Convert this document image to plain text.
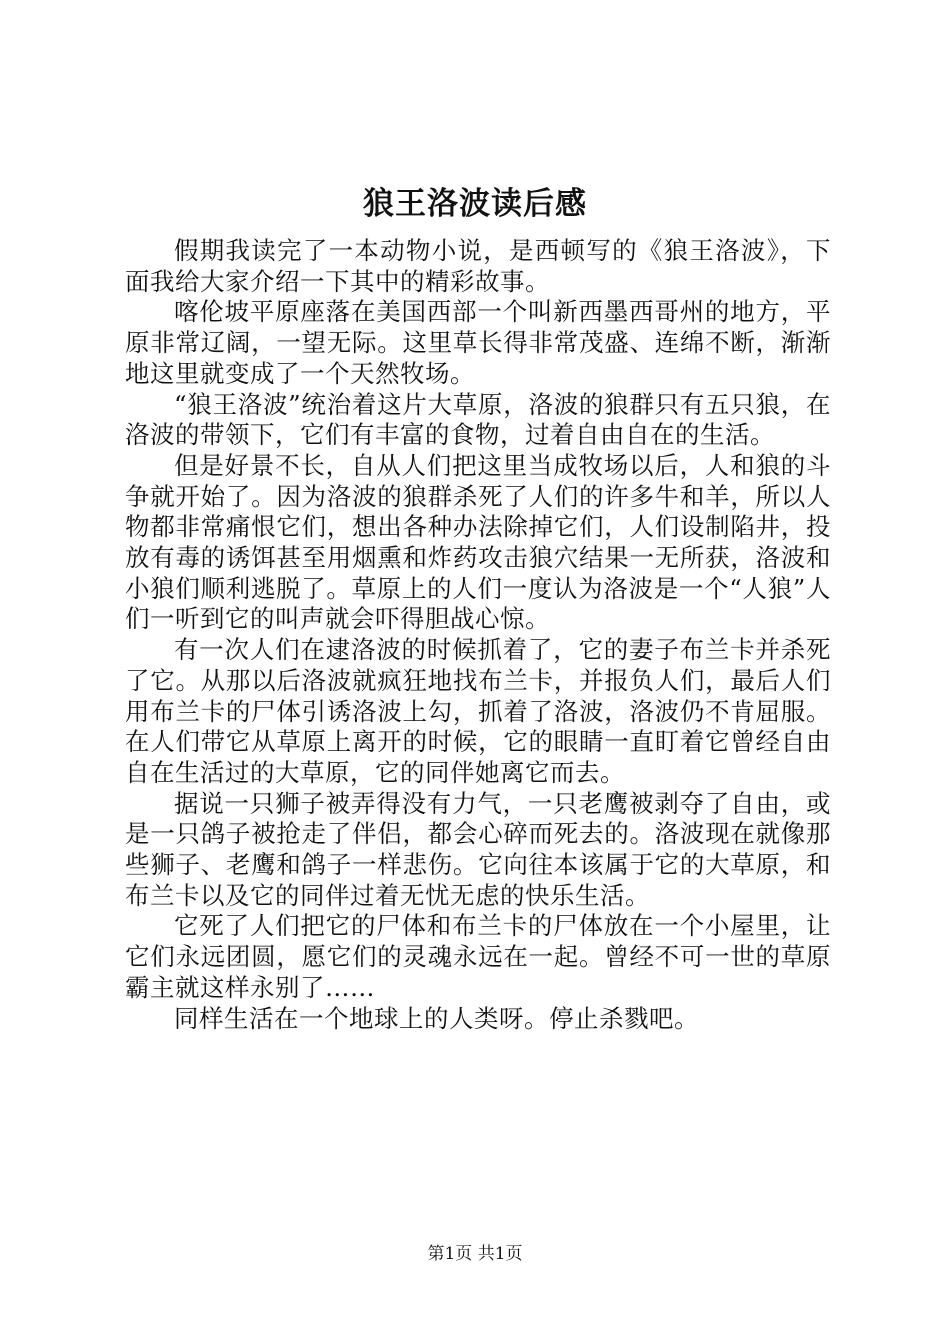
狼王洛波读后感

假期我读完了一本动物小说，是西顿写的《狼王洛波》，下面我给大家介绍一下其中的精彩故事。

喀伦坡平原座落在美国西部一个叫新西墨西哥州的地方，平原非常辽阔，一望无际。这里草长得非常茂盛、连绵不断，渐渐地这里就变成了一个天然牧场。

“狼王洛波”统治着这片大草原，洛波的狼群只有五只狼，在洛波的带领下，它们有丰富的食物，过着自由自在的生活。

但是好景不长，自从人们把这里当成牧场以后，人和狼的斗争就开始了。因为洛波的狼群杀死了人们的许多牛和羊，所以人物都非常痛恨它们，想出各种办法除掉它们，人们设制陷井，投放有毒的诱饵甚至用烟熏和炸药攻击狼穴结果一无所获，洛波和小狼们顺利逃脱了。草原上的人们一度认为洛波是一个“人狼”人们一听到它的叫声就会吓得胆战心惊。

有一次人们在逮洛波的时候抓着了，它的妻子布兰卡并杀死了它。从那以后洛波就疯狂地找布兰卡，并报负人们，最后人们用布兰卡的尸体引诱洛波上勾，抓着了洛波，洛波仍不肯屈服。在人们带它从草原上离开的时候，它的眼睛一直盯着它曾经自由自在生活过的大草原，它的同伴她离它而去。

据说一只狮子被弄得没有力气，一只老鹰被剥夺了自由，或是一只鸽子被抢走了伴侣，都会心碎而死去的。洛波现在就像那些狮子、老鹰和鸽子一样悲伤。它向往本该属于它的大草原，和布兰卡以及它的同伴过着无忧无虑的快乐生活。

它死了人们把它的尸体和布兰卡的尸体放在一个小屋里，让它们永远团圆，愿它们的灵魂永远在一起。曾经不可一世的草原霸主就这样永别了……

同样生活在一个地球上的人类呀。停止杀戮吧。

第1页 共1页
